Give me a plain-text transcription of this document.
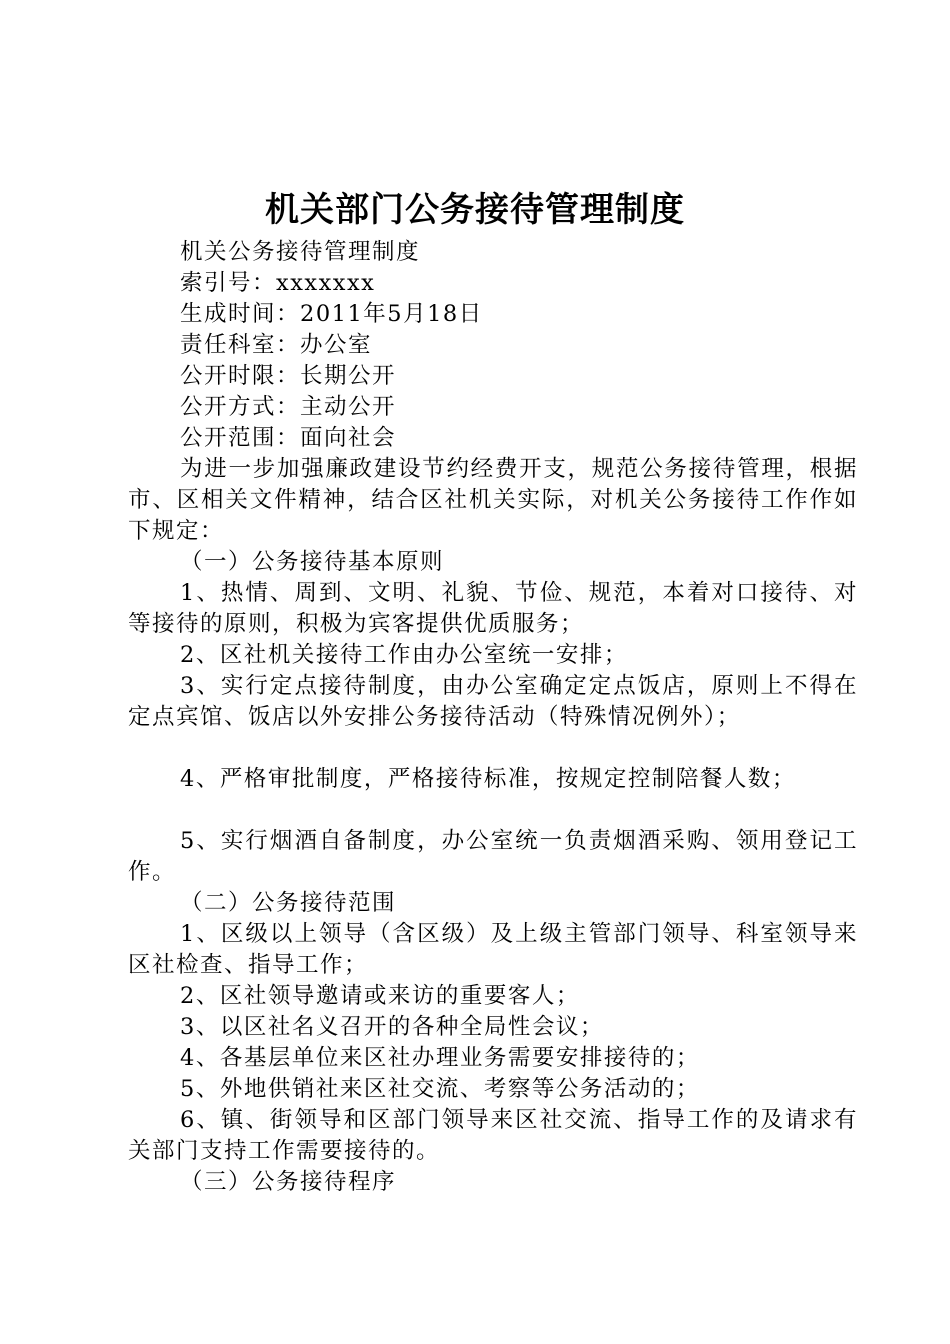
机关部门公务接待管理制度
机关公务接待管理制度
索引号：xxxxxxx
生成时间：2011年5月18日
责任科室：办公室
公开时限：长期公开
公开方式：主动公开
公开范围：面向社会

为进一步加强廉政建设节约经费开支，规范公务接待管理，根据市、区相关文件精神，结合区社机关实际，对机关公务接待工作作如下规定：

（一）公务接待基本原则

1、热情、周到、文明、礼貌、节俭、规范，本着对口接待、对等接待的原则，积极为宾客提供优质服务；

2、区社机关接待工作由办公室统一安排；

3、实行定点接待制度，由办公室确定定点饭店，原则上不得在定点宾馆、饭店以外安排公务接待活动（特殊情况例外）；

4、严格审批制度，严格接待标准，按规定控制陪餐人数；

5、实行烟酒自备制度，办公室统一负责烟酒采购、领用登记工作。

（二）公务接待范围

1、区级以上领导（含区级）及上级主管部门领导、科室领导来区社检查、指导工作；

2、区社领导邀请或来访的重要客人；

3、以区社名义召开的各种全局性会议；

4、各基层单位来区社办理业务需要安排接待的；

5、外地供销社来区社交流、考察等公务活动的；

6、镇、街领导和区部门领导来区社交流、指导工作的及请求有关部门支持工作需要接待的。

（三）公务接待程序
